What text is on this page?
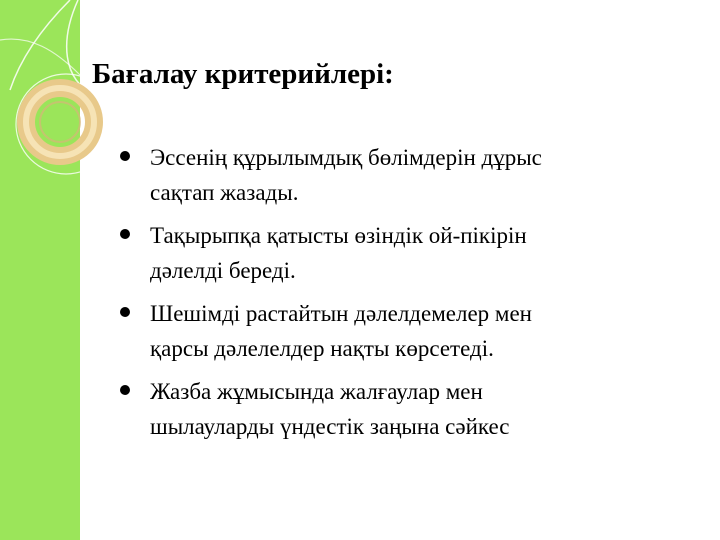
Бағалау критерийлері:
Эссенің құрылымдық бөлімдерін дұрыс
сақтап жазады.
Тақырыпқа қатысты өзіндік ой-пікірін
дәлелді береді.
Шешімді растайтын дәлелдемелер мен
қарсы дәлелелдер нақты көрсетеді.
Жазба жұмысында жалғаулар мен
шылауларды үндестік заңына сәйкес
